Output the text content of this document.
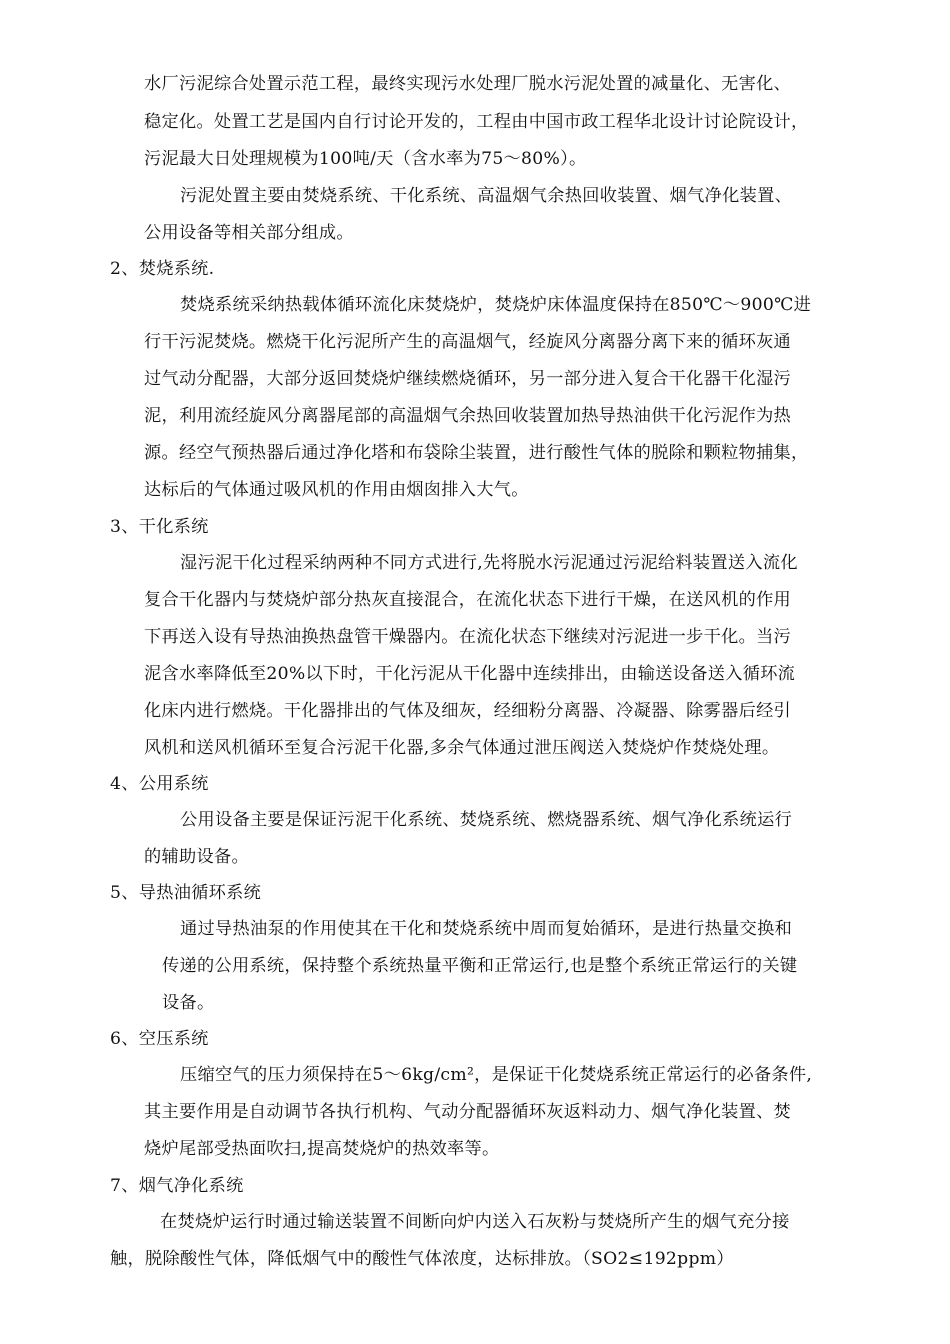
水厂污泥综合处置示范工程，最终实现污水处理厂脱水污泥处置的减量化、无害化、
稳定化。处置工艺是国内自行讨论开发的，工程由中国市政工程华北设计讨论院设计，
污泥最大日处理规模为100吨/天（含水率为75～80%）。
污泥处置主要由焚烧系统、干化系统、高温烟气余热回收装置、烟气净化装置、
公用设备等相关部分组成。
2、焚烧系统.
焚烧系统采纳热载体循环流化床焚烧炉，焚烧炉床体温度保持在850℃～900℃进
行干污泥焚烧。燃烧干化污泥所产生的高温烟气，经旋风分离器分离下来的循环灰通
过气动分配器，大部分返回焚烧炉继续燃烧循环，另一部分进入复合干化器干化湿污
泥，利用流经旋风分离器尾部的高温烟气余热回收装置加热导热油供干化污泥作为热
源。经空气预热器后通过净化塔和布袋除尘装置，进行酸性气体的脱除和颗粒物捕集，
达标后的气体通过吸风机的作用由烟囱排入大气。
3、干化系统
湿污泥干化过程采纳两种不同方式进行,先将脱水污泥通过污泥给料装置送入流化
复合干化器内与焚烧炉部分热灰直接混合，在流化状态下进行干燥，在送风机的作用
下再送入设有导热油换热盘管干燥器内。在流化状态下继续对污泥进一步干化。当污
泥含水率降低至20%以下时，干化污泥从干化器中连续排出，由输送设备送入循环流
化床内进行燃烧。干化器排出的气体及细灰，经细粉分离器、冷凝器、除雾器后经引
风机和送风机循环至复合污泥干化器,多余气体通过泄压阀送入焚烧炉作焚烧处理。
4、公用系统
公用设备主要是保证污泥干化系统、焚烧系统、燃烧器系统、烟气净化系统运行
的辅助设备。
5、导热油循环系统
通过导热油泵的作用使其在干化和焚烧系统中周而复始循环，是进行热量交换和
传递的公用系统，保持整个系统热量平衡和正常运行,也是整个系统正常运行的关键
设备。
6、空压系统
压缩空气的压力须保持在5～6kg/cm²，是保证干化焚烧系统正常运行的必备条件,
其主要作用是自动调节各执行机构、气动分配器循环灰返料动力、烟气净化装置、焚
烧炉尾部受热面吹扫,提高焚烧炉的热效率等。
7、烟气净化系统
在焚烧炉运行时通过输送装置不间断向炉内送入石灰粉与焚烧所产生的烟气充分接
触，脱除酸性气体，降低烟气中的酸性气体浓度，达标排放。（SO2≤192ppm）
